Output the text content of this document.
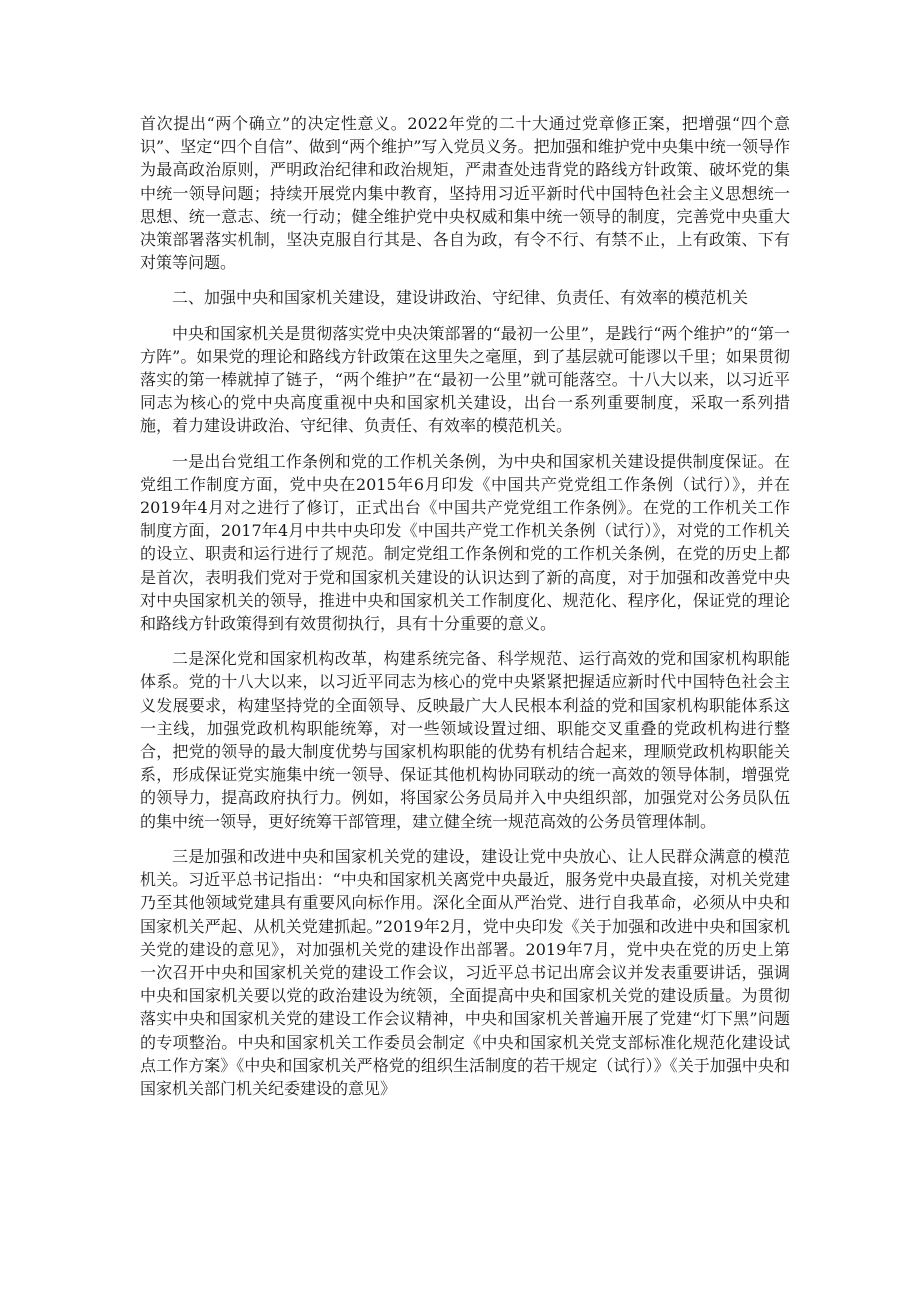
首次提出“两个确立”的决定性意义。2022年党的二十大通过党章修正案，把增强“四个意识”、坚定“四个自信”、做到“两个维护”写入党员义务。把加强和维护党中央集中统一领导作为最高政治原则，严明政治纪律和政治规矩，严肃查处违背党的路线方针政策、破坏党的集中统一领导问题；持续开展党内集中教育，坚持用习近平新时代中国特色社会主义思想统一思想、统一意志、统一行动；健全维护党中央权威和集中统一领导的制度，完善党中央重大决策部署落实机制，坚决克服自行其是、各自为政，有令不行、有禁不止，上有政策、下有对策等问题。

二、加强中央和国家机关建设，建设讲政治、守纪律、负责任、有效率的模范机关

中央和国家机关是贯彻落实党中央决策部署的“最初一公里”，是践行“两个维护”的“第一方阵”。如果党的理论和路线方针政策在这里失之毫厘，到了基层就可能谬以千里；如果贯彻落实的第一棒就掉了链子，“两个维护”在“最初一公里”就可能落空。十八大以来，以习近平同志为核心的党中央高度重视中央和国家机关建设，出台一系列重要制度，采取一系列措施，着力建设讲政治、守纪律、负责任、有效率的模范机关。

一是出台党组工作条例和党的工作机关条例，为中央和国家机关建设提供制度保证。在党组工作制度方面，党中央在2015年6月印发《中国共产党党组工作条例（试行）》，并在2019年4月对之进行了修订，正式出台《中国共产党党组工作条例》。在党的工作机关工作制度方面，2017年4月中共中央印发《中国共产党工作机关条例（试行）》，对党的工作机关的设立、职责和运行进行了规范。制定党组工作条例和党的工作机关条例，在党的历史上都是首次，表明我们党对于党和国家机关建设的认识达到了新的高度，对于加强和改善党中央对中央国家机关的领导，推进中央和国家机关工作制度化、规范化、程序化，保证党的理论和路线方针政策得到有效贯彻执行，具有十分重要的意义。

二是深化党和国家机构改革，构建系统完备、科学规范、运行高效的党和国家机构职能体系。党的十八大以来，以习近平同志为核心的党中央紧紧把握适应新时代中国特色社会主义发展要求，构建坚持党的全面领导、反映最广大人民根本利益的党和国家机构职能体系这一主线，加强党政机构职能统筹，对一些领域设置过细、职能交叉重叠的党政机构进行整合，把党的领导的最大制度优势与国家机构职能的优势有机结合起来，理顺党政机构职能关系，形成保证党实施集中统一领导、保证其他机构协同联动的统一高效的领导体制，增强党的领导力，提高政府执行力。例如，将国家公务员局并入中央组织部，加强党对公务员队伍的集中统一领导，更好统筹干部管理，建立健全统一规范高效的公务员管理体制。

三是加强和改进中央和国家机关党的建设，建设让党中央放心、让人民群众满意的模范机关。习近平总书记指出：“中央和国家机关离党中央最近，服务党中央最直接，对机关党建乃至其他领域党建具有重要风向标作用。深化全面从严治党、进行自我革命，必须从中央和国家机关严起、从机关党建抓起。”2019年2月，党中央印发《关于加强和改进中央和国家机关党的建设的意见》，对加强机关党的建设作出部署。2019年7月，党中央在党的历史上第一次召开中央和国家机关党的建设工作会议，习近平总书记出席会议并发表重要讲话，强调中央和国家机关要以党的政治建设为统领，全面提高中央和国家机关党的建设质量。为贯彻落实中央和国家机关党的建设工作会议精神，中央和国家机关普遍开展了党建“灯下黑”问题的专项整治。中央和国家机关工作委员会制定《中央和国家机关党支部标准化规范化建设试点工作方案》《中央和国家机关严格党的组织生活制度的若干规定（试行）》《关于加强中央和国家机关部门机关纪委建设的意见》
